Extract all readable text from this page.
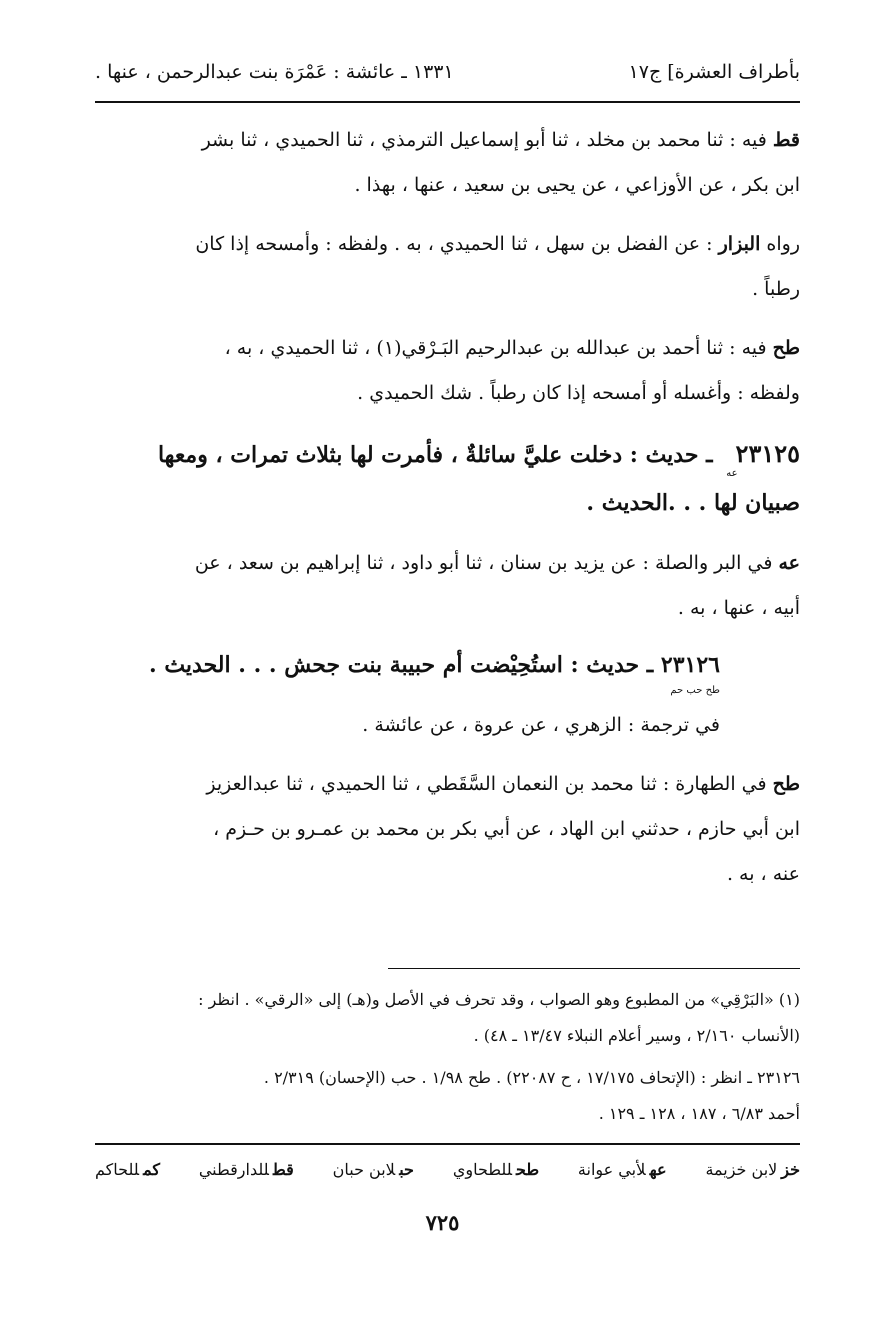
بأطراف العشرة] ج١٧
١٣٣١ ـ عائشة : عَمْرَة بنت عبدالرحمن ، عنها .

قط فيه : ثنا محمد بن مخلد ، ثنا أبو إسماعيل الترمذي ، ثنا الحميدي ، ثنا بشر
ابن بكر ، عن الأوزاعي ، عن يحيى بن سعيد ، عنها ، بهذا .

رواه البزار : عن الفضل بن سهل ، ثنا الحميدي ، به . ولفظه : وأمسحه إذا كان
رطباً .

طح فيه : ثنا أحمد بن عبدالله بن عبدالرحيم البَـرْقي(١) ، ثنا الحميدي ، به ،
ولفظه : وأغسله أو أمسحه إذا كان رطباً . شك الحميدي .

٢٣١٢٥عه ـ حديث : دخلت عليَّ سائلةٌ ، فأمرت لها بثلاث تمرات ، ومعها
صبيان لها . . .الحديث .

عه في البر والصلة : عن يزيد بن سنان ، ثنا أبو داود ، ثنا إبراهيم بن سعد ، عن
أبيه ، عنها ، به .

٢٣١٢٦ ـ حديث : استُحِيْضت أم حبيبة بنت جحش . . . الحديث .
طح حب حم

في ترجمة : الزهري ، عن عروة ، عن عائشة .

طح في الطهارة : ثنا محمد بن النعمان السَّقَطي ، ثنا الحميدي ، ثنا عبدالعزيز
ابن أبي حازم ، حدثني ابن الهاد ، عن أبي بكر بن محمد بن عمـرو بن حـزم ،
عنه ، به .

(١) «البَرْقِي» من المطبوع وهو الصواب ، وقد تحرف في الأصل و(هـ) إلى «الرقي» . انظر :
(الأنساب ٢/١٦٠ ، وسير أعلام النبلاء ١٣/٤٧ ـ ٤٨) .
٢٣١٢٦ ـ انظر : (الإتحاف ١٧/١٧٥ ، ح ٢٢٠٨٧) . طح ١/٩٨ . حب (الإحسان) ٢/٣١٩ .
أحمد ٦/٨٣ ، ١٨٧ ، ١٢٨ ـ ١٢٩ .
خزلابن خزيمة
عهلأبي عوانة
طحللطحاوي
حبلابن حبان
قطللدارقطني
كمللحاكم
٧٢٥
